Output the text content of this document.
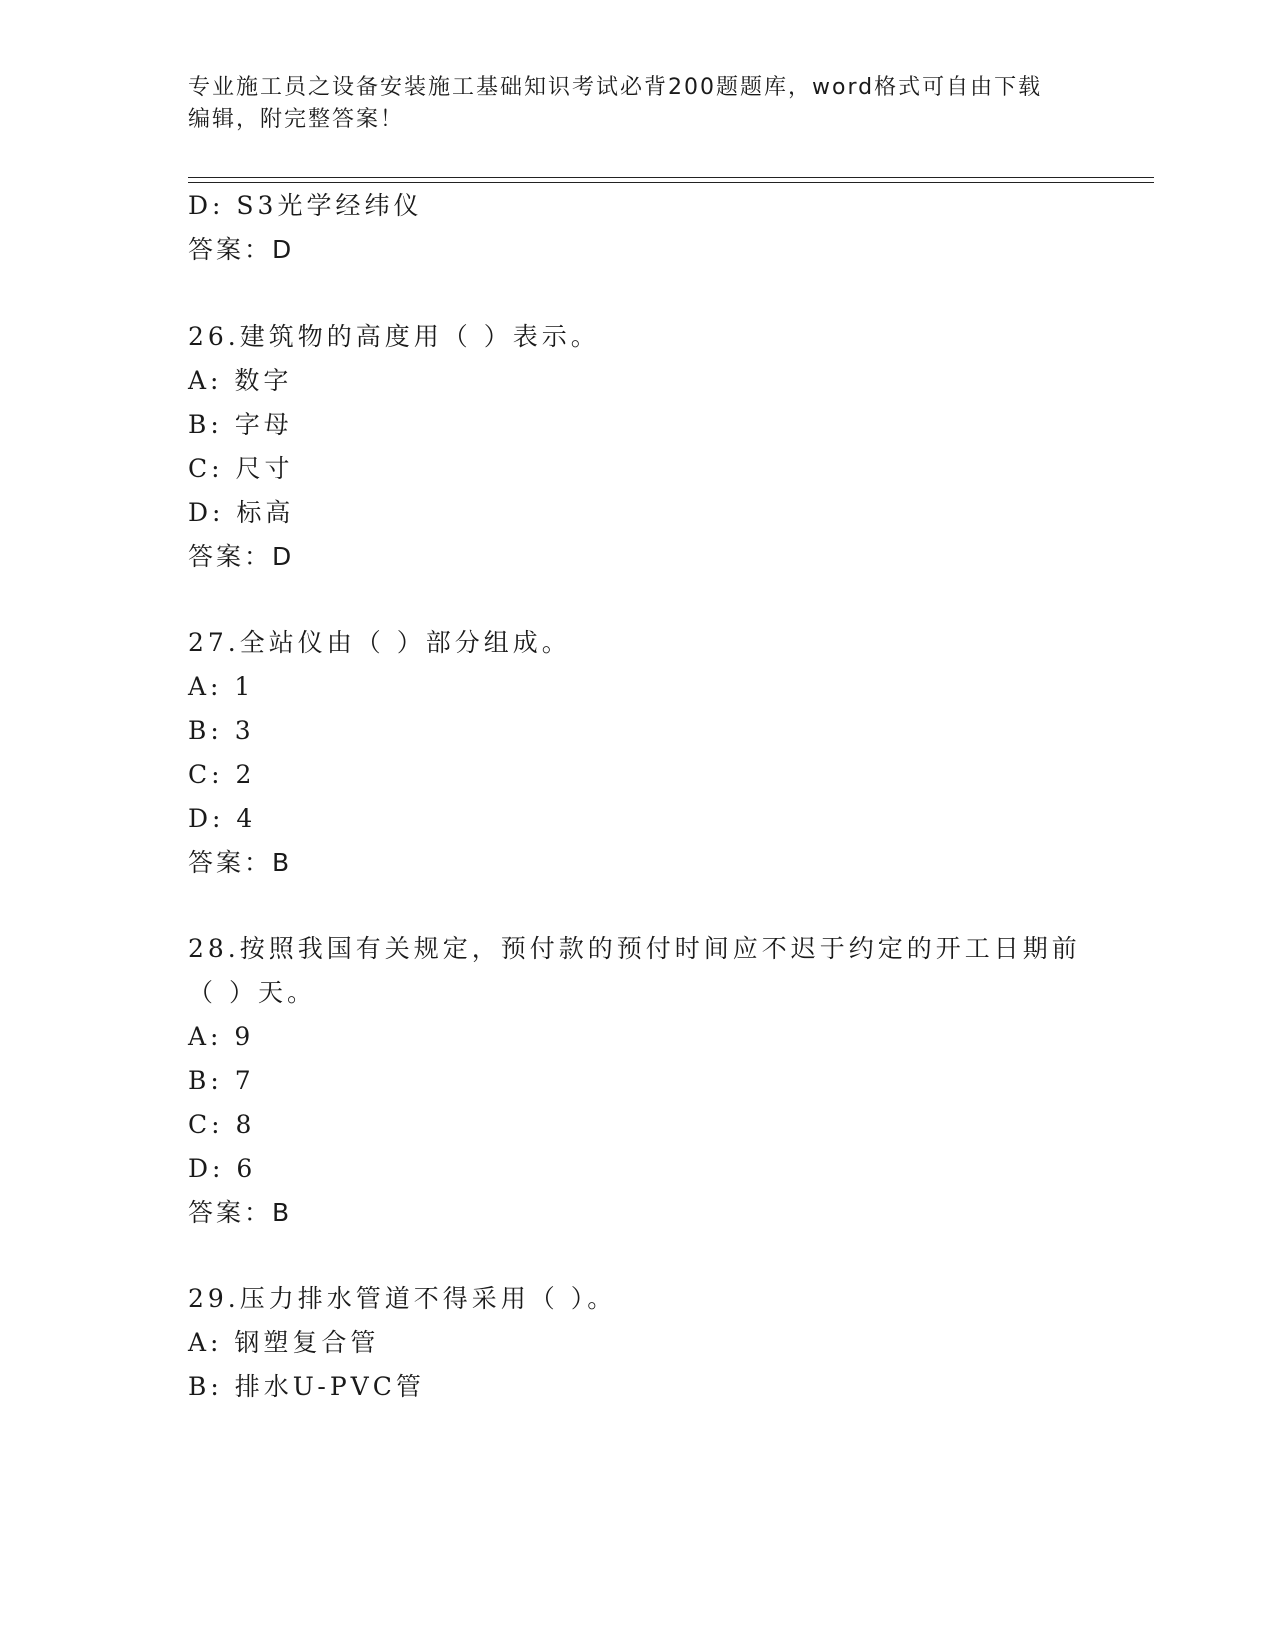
专业施工员之设备安装施工基础知识考试必背200题题库，word格式可自由下载
编辑，附完整答案！
D: S3光学经纬仪
答案：D
26.建筑物的高度用（ ）表示。
A: 数字
B: 字母
C: 尺寸
D: 标高
答案：D
27.全站仪由（ ）部分组成。
A: 1
B: 3
C: 2
D: 4
答案：B
28.按照我国有关规定，预付款的预付时间应不迟于约定的开工日期前
（ ）天。
A: 9
B: 7
C: 8
D: 6
答案：B
29.压力排水管道不得采用（ ）。
A: 钢塑复合管
B: 排水U-PVC管
